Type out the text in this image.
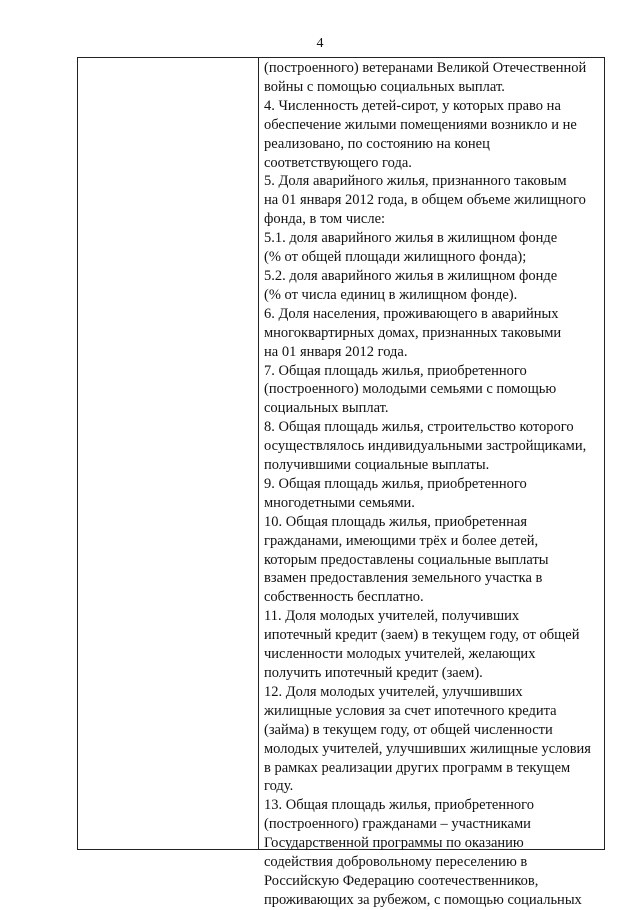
4
(построенного) ветеранами Великой Отечественной
войны с помощью социальных выплат.
4. Численность детей-сирот, у которых право на
обеспечение жилыми помещениями возникло и не
реализовано, по состоянию на конец
соответствующего года.
5. Доля аварийного жилья, признанного таковым
на 01 января 2012 года, в общем объеме жилищного
фонда, в том числе:
5.1. доля аварийного жилья в жилищном фонде
(% от общей площади жилищного фонда);
5.2. доля аварийного жилья в жилищном фонде
(% от числа единиц в жилищном фонде).
6. Доля населения, проживающего в аварийных
многоквартирных домах, признанных таковыми
на 01 января 2012 года.
7. Общая площадь жилья, приобретенного
(построенного) молодыми семьями с помощью
социальных выплат.
8. Общая площадь жилья, строительство которого
осуществлялось индивидуальными застройщиками,
получившими социальные выплаты.
9. Общая площадь жилья, приобретенного
многодетными семьями.
10. Общая площадь жилья, приобретенная
гражданами, имеющими трёх и более детей,
которым предоставлены социальные выплаты
взамен предоставления земельного участка в
собственность бесплатно.
11. Доля молодых учителей, получивших
ипотечный кредит (заем) в текущем году, от общей
численности молодых учителей, желающих
получить ипотечный кредит (заем).
12. Доля молодых учителей, улучшивших
жилищные условия за счет ипотечного кредита
(займа) в текущем году, от общей численности
молодых учителей, улучшивших жилищные условия
в рамках реализации других программ в текущем
году.
13. Общая площадь жилья, приобретенного
(построенного) гражданами – участниками
Государственной программы по оказанию
содействия добровольному переселению в
Российскую Федерацию соотечественников,
проживающих за рубежом, с помощью социальных
